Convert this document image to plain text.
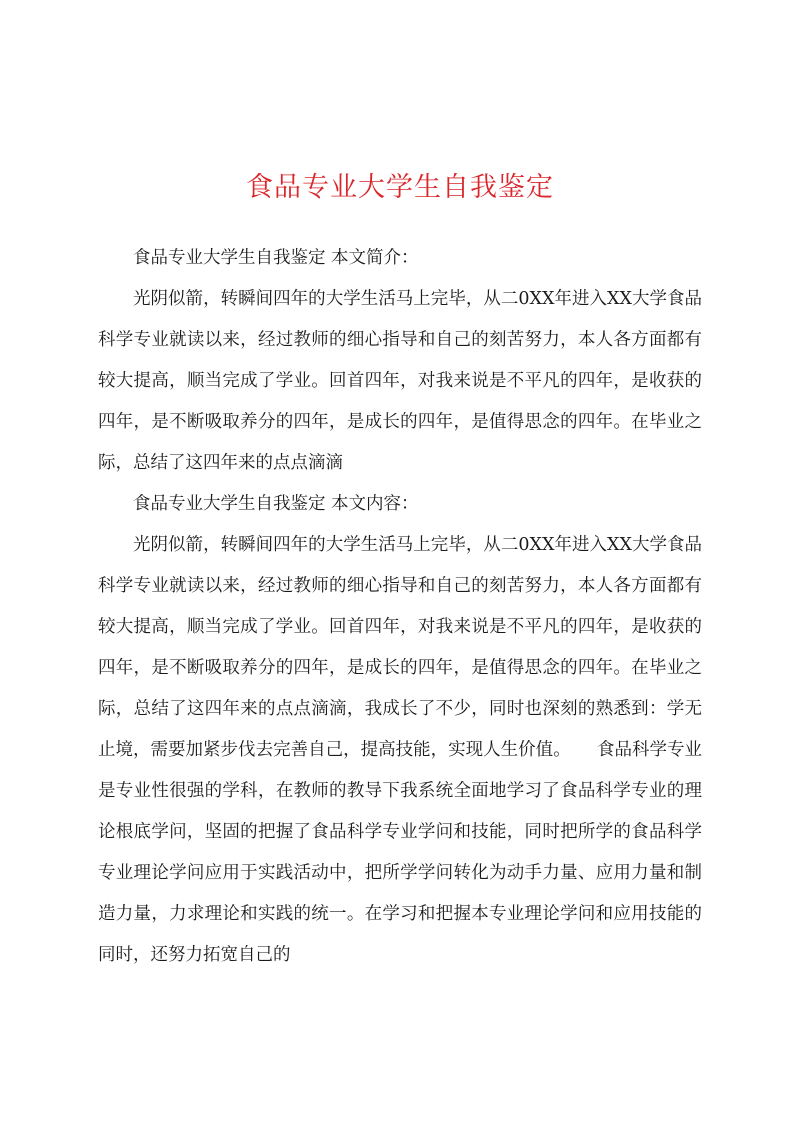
食品专业大学生自我鉴定

食品专业大学生自我鉴定 本文简介：

光阴似箭，转瞬间四年的大学生活马上完毕，从二0XX年进入XX大学食品科学专业就读以来，经过教师的细心指导和自己的刻苦努力，本人各方面都有较大提高，顺当完成了学业。回首四年，对我来说是不平凡的四年，是收获的四年，是不断吸取养分的四年，是成长的四年，是值得思念的四年。在毕业之际，总结了这四年来的点点滴滴

食品专业大学生自我鉴定 本文内容：

光阴似箭，转瞬间四年的大学生活马上完毕，从二0XX年进入XX大学食品科学专业就读以来，经过教师的细心指导和自己的刻苦努力，本人各方面都有较大提高，顺当完成了学业。回首四年，对我来说是不平凡的四年，是收获的四年，是不断吸取养分的四年，是成长的四年，是值得思念的四年。在毕业之际，总结了这四年来的点点滴滴，我成长了不少，同时也深刻的熟悉到：学无止境，需要加紧步伐去完善自己，提高技能，实现人生价值。　　食品科学专业是专业性很强的学科，在教师的教导下我系统全面地学习了食品科学专业的理论根底学问，坚固的把握了食品科学专业学问和技能，同时把所学的食品科学专业理论学问应用于实践活动中，把所学学问转化为动手力量、应用力量和制造力量，力求理论和实践的统一。在学习和把握本专业理论学问和应用技能的同时，还努力拓宽自己的
